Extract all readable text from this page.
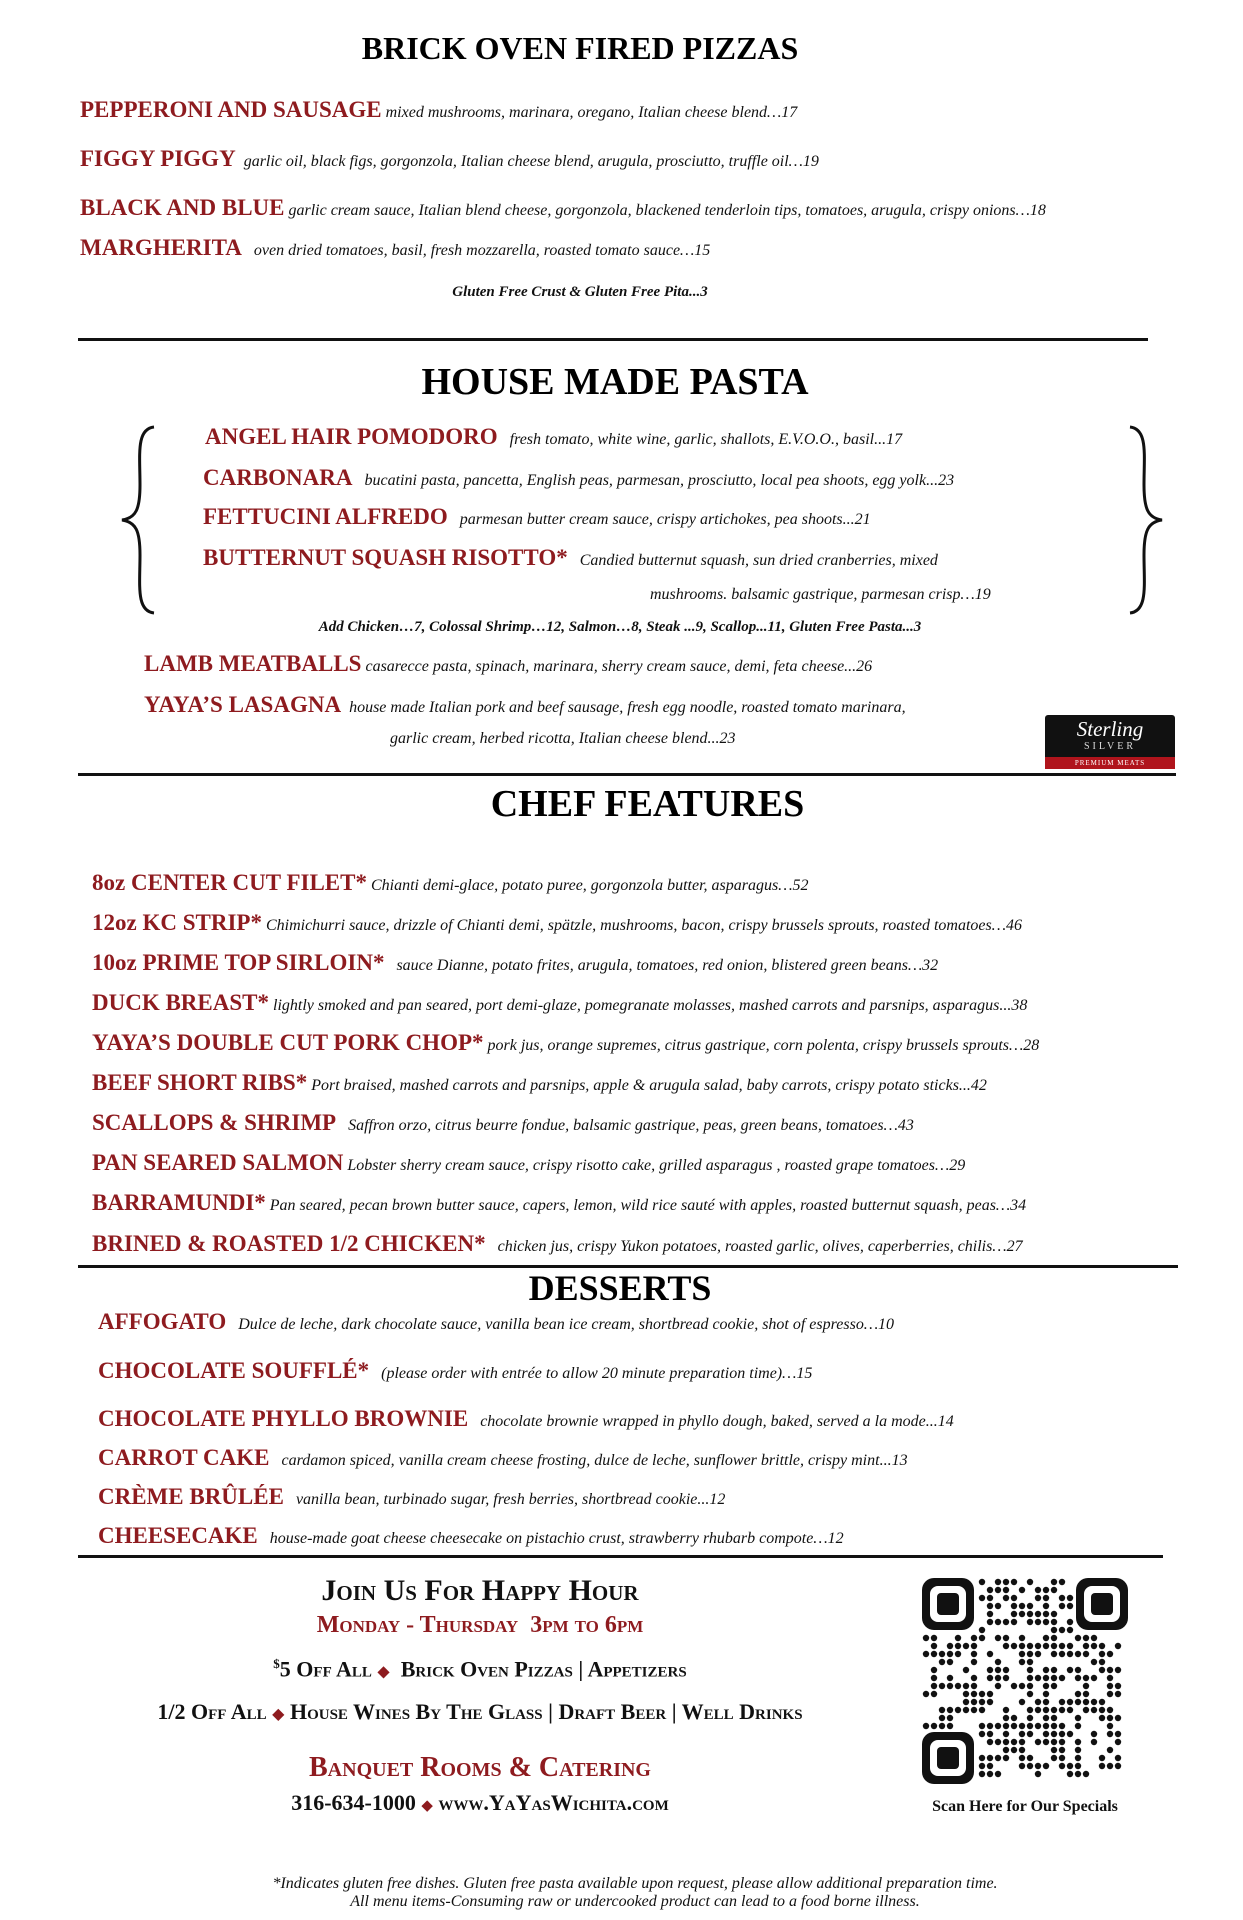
BRICK OVEN FIRED PIZZAS
PEPPERONI AND SAUSAGE mixed mushrooms, marinara, oregano, Italian cheese blend…17
FIGGY PIGGY garlic oil, black figs, gorgonzola, Italian cheese blend, arugula, prosciutto, truffle oil…19
BLACK AND BLUE garlic cream sauce, Italian blend cheese, gorgonzola, blackened tenderloin tips, tomatoes, arugula, crispy onions…18
MARGHERITA oven dried tomatoes, basil, fresh mozzarella, roasted tomato sauce…15
Gluten Free Crust & Gluten Free Pita...3
HOUSE MADE PASTA
ANGEL HAIR POMODORO fresh tomato, white wine, garlic, shallots, E.V.O.O., basil...17
CARBONARA bucatini pasta, pancetta, English peas, parmesan, prosciutto, local pea shoots, egg yolk...23
FETTUCINI ALFREDO parmesan butter cream sauce, crispy artichokes, pea shoots...21
BUTTERNUT SQUASH RISOTTO* Candied butternut squash, sun dried cranberries, mixed
mushrooms. balsamic gastrique, parmesan crisp…19
Add Chicken…7, Colossal Shrimp…12, Salmon…8, Steak ...9, Scallop...11, Gluten Free Pasta...3
LAMB MEATBALLS casarecce pasta, spinach, marinara, sherry cream sauce, demi, feta cheese...26
YAYA’S LASAGNA house made Italian pork and beef sausage, fresh egg noodle, roasted tomato marinara,
garlic cream, herbed ricotta, Italian cheese blend...23	Sterling
SILVER
PREMIUM MEATS
CHEF FEATURES
8oz CENTER CUT FILET* Chianti demi-glace, potato puree, gorgonzola butter, asparagus…52
12oz KC STRIP* Chimichurri sauce, drizzle of Chianti demi, spätzle, mushrooms, bacon, crispy brussels sprouts, roasted tomatoes…46
10oz PRIME TOP SIRLOIN* sauce Dianne, potato frites, arugula, tomatoes, red onion, blistered green beans…32
DUCK BREAST* lightly smoked and pan seared, port demi-glaze, pomegranate molasses, mashed carrots and parsnips, asparagus...38
YAYA’S DOUBLE CUT PORK CHOP* pork jus, orange supremes, citrus gastrique, corn polenta, crispy brussels sprouts…28
BEEF SHORT RIBS* Port braised, mashed carrots and parsnips, apple & arugula salad, baby carrots, crispy potato sticks...42
SCALLOPS & SHRIMP Saffron orzo, citrus beurre fondue, balsamic gastrique, peas, green beans, tomatoes…43
PAN SEARED SALMON Lobster sherry cream sauce, crispy risotto cake, grilled asparagus , roasted grape tomatoes…29
BARRAMUNDI* Pan seared, pecan brown butter sauce, capers, lemon, wild rice sauté with apples, roasted butternut squash, peas…34
BRINED & ROASTED 1/2 CHICKEN* chicken jus, crispy Yukon potatoes, roasted garlic, olives, caperberries, chilis…27
DESSERTS
AFFOGATO Dulce de leche, dark chocolate sauce, vanilla bean ice cream, shortbread cookie, shot of espresso…10
CHOCOLATE SOUFFLÉ* (please order with entrée to allow 20 minute preparation time)…15
CHOCOLATE PHYLLO BROWNIE chocolate brownie wrapped in phyllo dough, baked, served a la mode...14
CARROT CAKE cardamon spiced, vanilla cream cheese frosting, dulce de leche, sunflower brittle, crispy mint...13
CRÈME BRÛLÉE vanilla bean, turbinado sugar, fresh berries, shortbread cookie...12
CHEESECAKE house-made goat cheese cheesecake on pistachio crust, strawberry rhubarb compote…12
Join Us For Happy Hour
Monday - Thursday 3pm to 6pm
$5 Off All ◆ Brick Oven Pizzas | Appetizers
1/2 Off All ◆ House Wines By The Glass | Draft Beer | Well Drinks
Banquet Rooms & Catering
316-634-1000 ◆ www.YaYasWichita.com	Scan Here for Our Specials
*Indicates gluten free dishes. Gluten free pasta available upon request, please allow additional preparation time.
All menu items-Consuming raw or undercooked product can lead to a food borne illness.
